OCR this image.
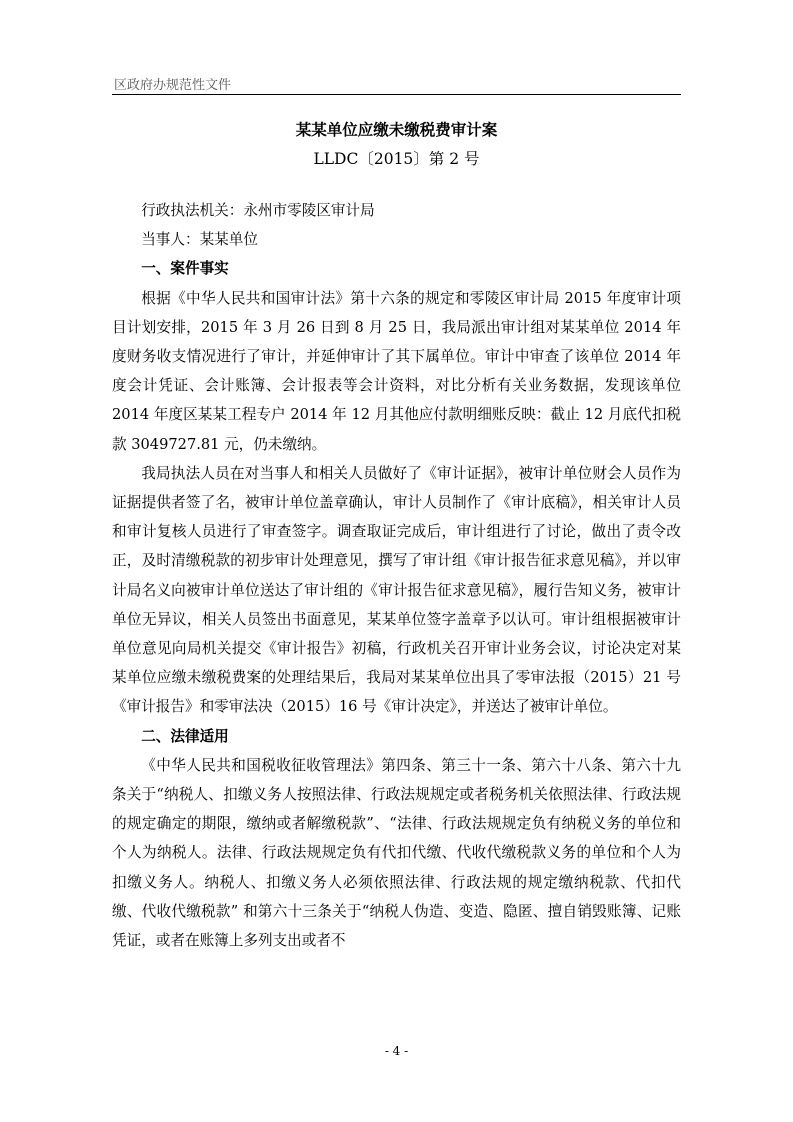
区政府办规范性文件
某某单位应缴未缴税费审计案
LLDC〔2015〕第 2 号

行政执法机关：永州市零陵区审计局

当事人：某某单位

一、案件事实

根据《中华人民共和国审计法》第十六条的规定和零陵区审计局 2015 年度审计项目计划安排，2015 年 3 月 26 日到 8 月 25 日，我局派出审计组对某某单位 2014 年度财务收支情况进行了审计，并延伸审计了其下属单位。审计中审查了该单位 2014 年度会计凭证、会计账簿、会计报表等会计资料，对比分析有关业务数据，发现该单位 2014 年度区某某工程专户 2014 年 12 月其他应付款明细账反映：截止 12 月底代扣税款 3049727.81 元，仍未缴纳。

我局执法人员在对当事人和相关人员做好了《审计证据》，被审计单位财会人员作为证据提供者签了名，被审计单位盖章确认，审计人员制作了《审计底稿》，相关审计人员和审计复核人员进行了审查签字。调查取证完成后，审计组进行了讨论，做出了责令改正，及时清缴税款的初步审计处理意见，撰写了审计组《审计报告征求意见稿》，并以审计局名义向被审计单位送达了审计组的《审计报告征求意见稿》，履行告知义务，被审计单位无异议，相关人员签出书面意见，某某单位签字盖章予以认可。审计组根据被审计单位意见向局机关提交《审计报告》初稿，行政机关召开审计业务会议，讨论决定对某某单位应缴未缴税费案的处理结果后，我局对某某单位出具了零审法报（2015）21 号《审计报告》和零审法决（2015）16 号《审计决定》，并送达了被审计单位。

二、法律适用

《中华人民共和国税收征收管理法》第四条、第三十一条、第六十八条、第六十九条关于“纳税人、扣缴义务人按照法律、行政法规规定或者税务机关依照法律、行政法规的规定确定的期限，缴纳或者解缴税款”、“法律、行政法规规定负有纳税义务的单位和个人为纳税人。法律、行政法规规定负有代扣代缴、代收代缴税款义务的单位和个人为扣缴义务人。纳税人、扣缴义务人必须依照法律、行政法规的规定缴纳税款、代扣代缴、代收代缴税款” 和第六十三条关于“纳税人伪造、变造、隐匿、擅自销毁账簿、记账凭证，或者在账簿上多列支出或者不

- 4 -
